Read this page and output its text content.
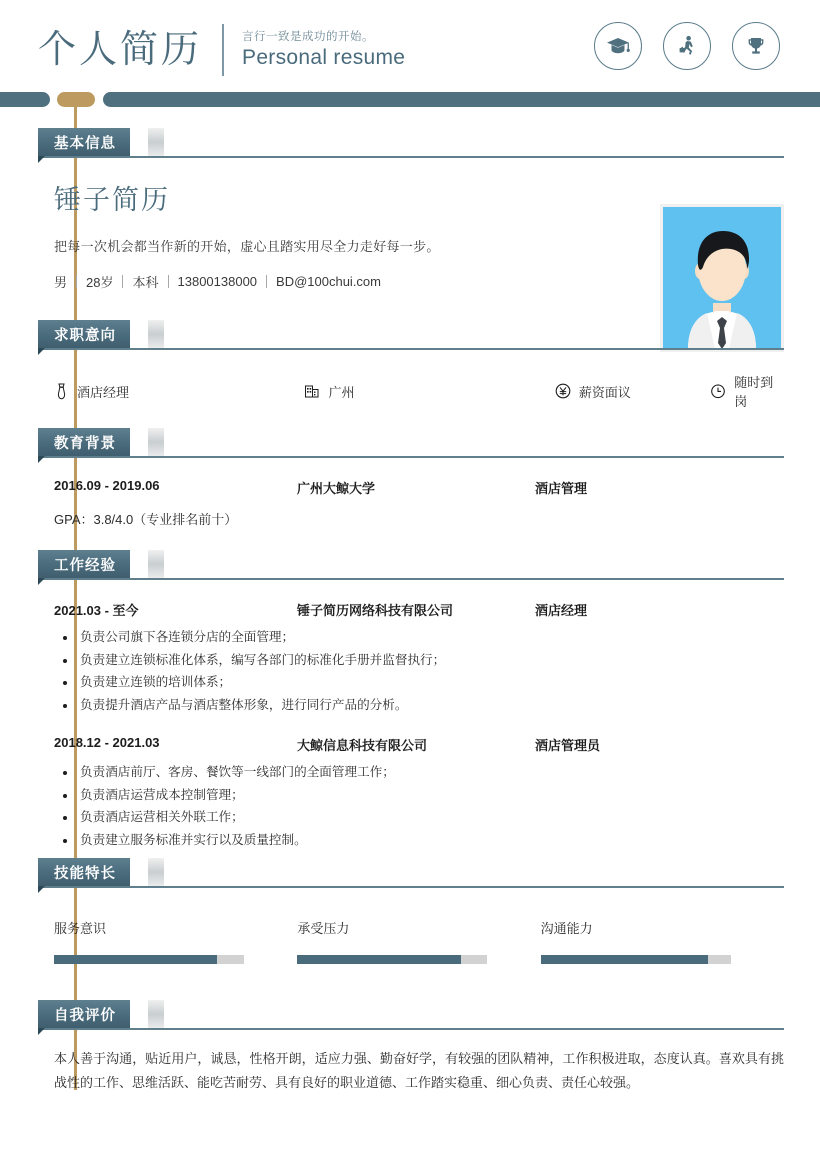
个人简历	言行一致是成功的开始。
Personal resume
基本信息
锤子简历
把每一次机会都当作新的开始，虚心且踏实用尽全力走好每一步。
男 28岁 本科 13800138000 BD@100chui.com
求职意向
酒店经理	广州	薪资面议
随时到岗
教育背景
2016.09 - 2019.06	广州大鲸大学	酒店管理
GPA：3.8/4.0（专业排名前十）
工作经验
2021.03 - 至今	锤子简历网络科技有限公司	酒店经理
负责公司旗下各连锁分店的全面管理；
负责建立连锁标准化体系，编写各部门的标准化手册并监督执行；
负责建立连锁的培训体系；
负责提升酒店产品与酒店整体形象，进行同行产品的分析。
2018.12 - 2021.03	大鲸信息科技有限公司	酒店管理员
负责酒店前厅、客房、餐饮等一线部门的全面管理工作；
负责酒店运营成本控制管理；
负责酒店运营相关外联工作；
负责建立服务标准并实行以及质量控制。
技能特长
服务意识	承受压力	沟通能力
自我评价
本人善于沟通，贴近用户，诚恳，性格开朗，适应力强、勤奋好学，有较强的团队精神，工作积极进取，态度认真。喜欢具有挑战性的工作、思维活跃、能吃苦耐劳、具有良好的职业道德、工作踏实稳重、细心负责、责任心较强。
